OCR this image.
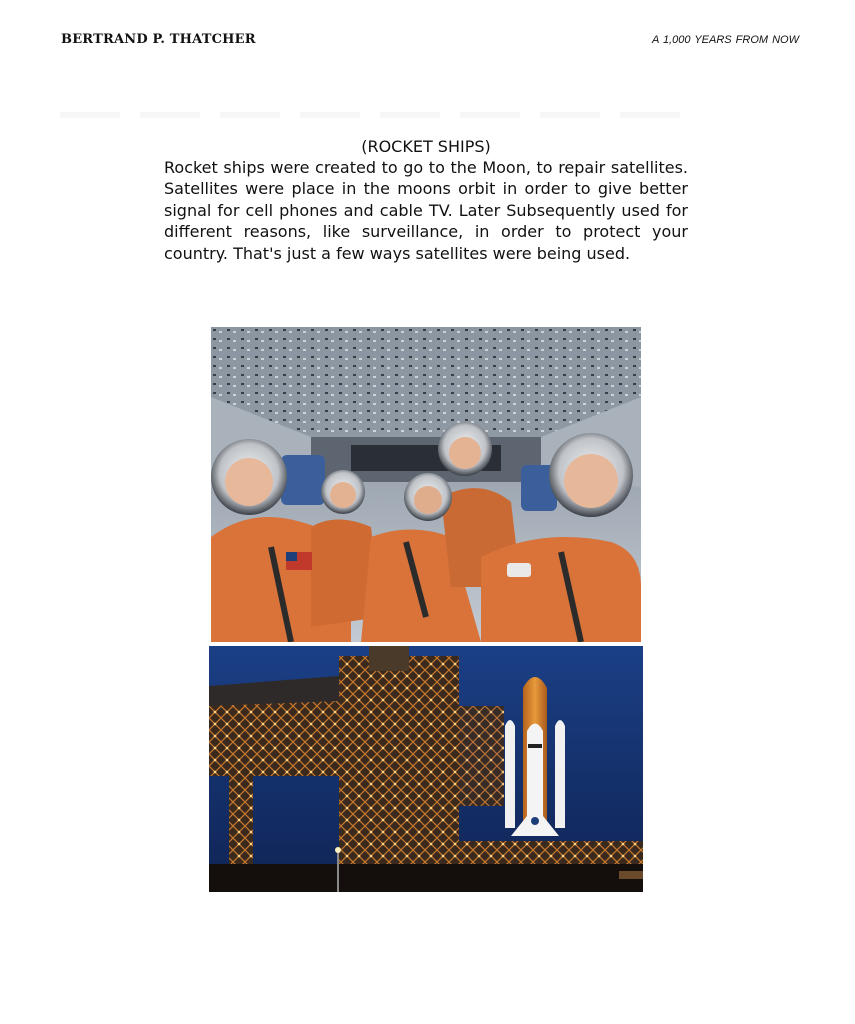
BERTRAND P. THATCHER	A 1,000 YEARS FROM NOW
(ROCKET SHIPS)

Rocket ships were created to go to the Moon, to repair satellites. Satellites were place in the moons orbit in order to give better signal for cell phones and cable TV. Later Subsequently used for different reasons, like surveillance, in order to protect your country. That's just a few ways satellites were being used.
